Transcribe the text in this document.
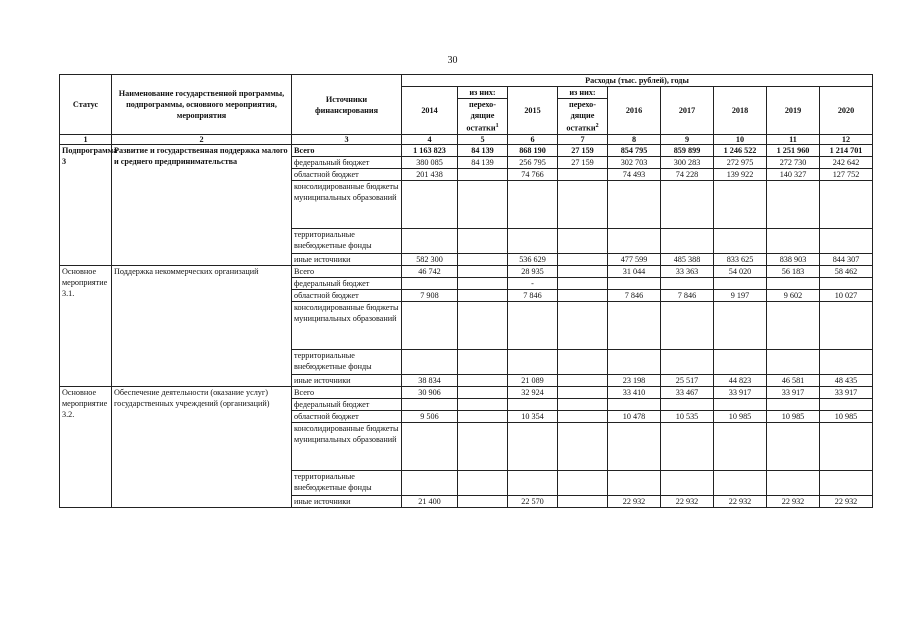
30
Статус	Наименование государственной программы, подпрограммы, основного мероприятия, мероприятия	Источники финансирования	Расходы (тыс. рублей), годы								
			2014	из них:	2015	из них:	2016	2017	2018	2019	2020
				перехо-дящие остатки$^1$		перехо-дящие остатки$^2$
1	2	3	4	5	6	7	8	9	10	11	12
Подпрограмма 3	Развитие и государственная поддержка малого и среднего предпринимательства	Всего	1 163 823	84 139	868 190	27 159	854 795	859 899	1 246 522	1 251 960	1 214 701
		федеральный бюджет	380 085	84 139	256 795	27 159	302 703	300 283	272 975	272 730	242 642
		областной бюджет	201 438		74 766		74 493	74 228	139 922	140 327	127 752
		консолидированные бюджеты муниципальных образований									
		территориальные внебюджетные фонды									
		иные источники	582 300		536 629		477 599	485 388	833 625	838 903	844 307
Основное мероприятие 3.1.	Поддержка некоммерческих организаций	Всего	46 742		28 935		31 044	33 363	54 020	56 183	58 462
		федеральный бюджет			-						
		областной бюджет	7 908		7 846		7 846	7 846	9 197	9 602	10 027
		консолидированные бюджеты муниципальных образований									
		территориальные внебюджетные фонды									
		иные источники	38 834		21 089		23 198	25 517	44 823	46 581	48 435
Основное мероприятие 3.2.	Обеспечение деятельности (оказание услуг) государственных учреждений (организаций)	Всего	30 906		32 924		33 410	33 467	33 917	33 917	33 917
		федеральный бюджет									
		областной бюджет	9 506		10 354		10 478	10 535	10 985	10 985	10 985
		консолидированные бюджеты муниципальных образований									
		территориальные внебюджетные фонды									
		иные источники	21 400		22 570		22 932	22 932	22 932	22 932	22 932
